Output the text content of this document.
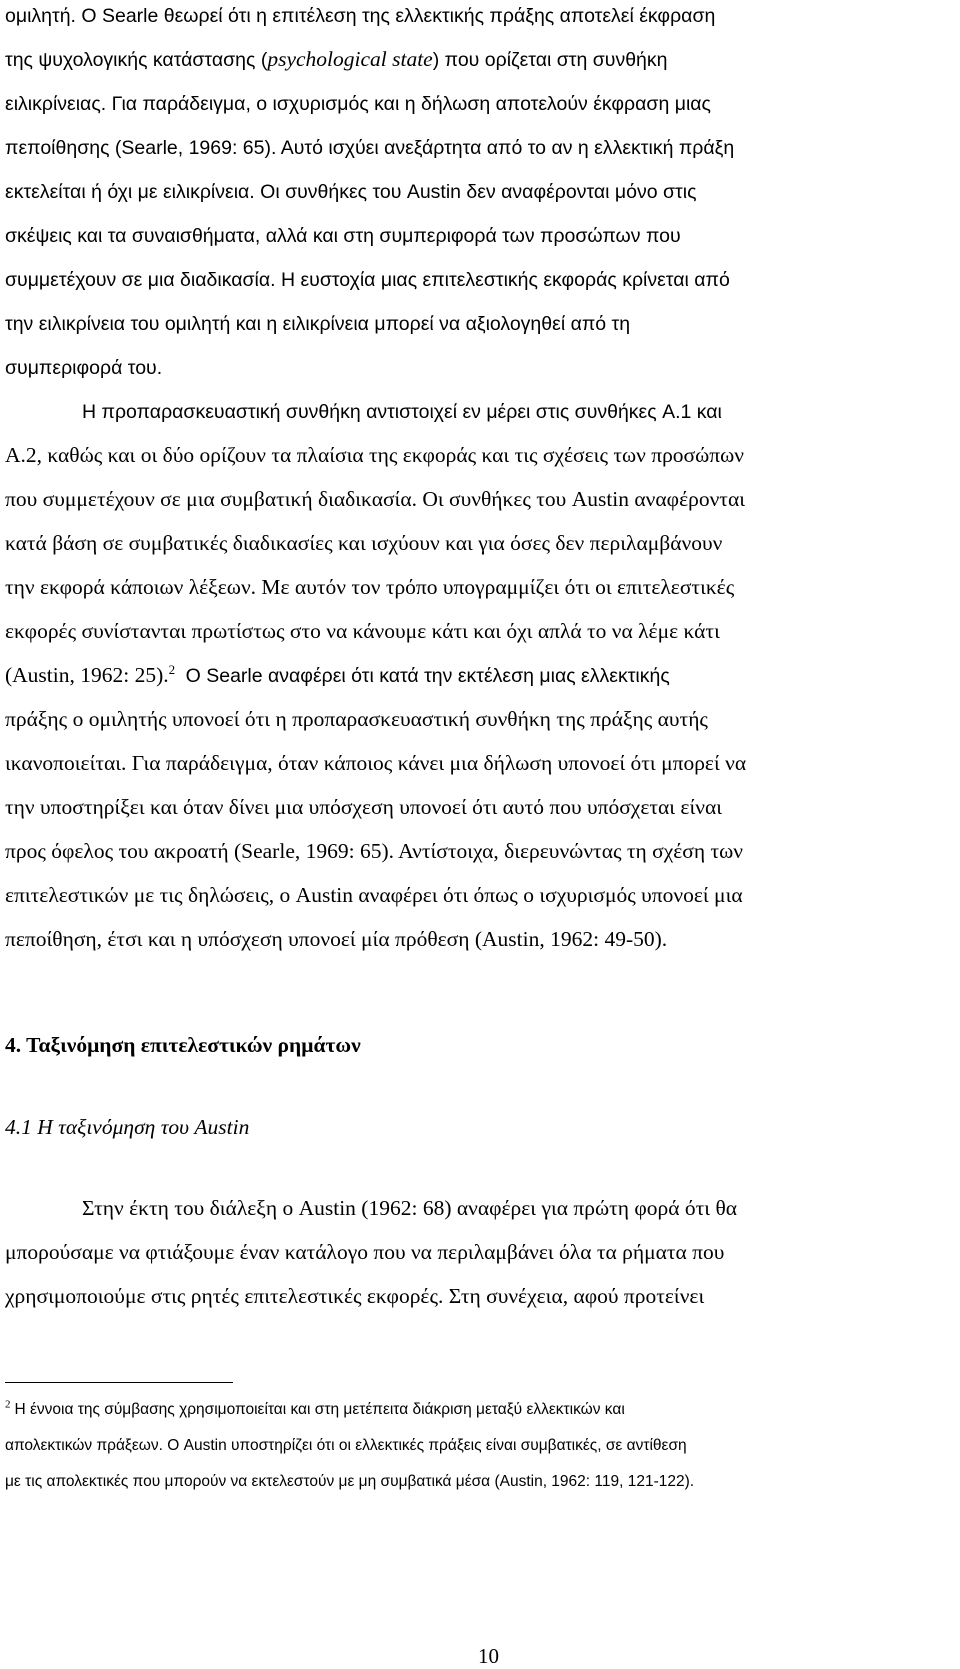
ομιλητή. Ο Searle θεωρεί ότι η επιτέλεση της ελλεκτικής πράξης αποτελεί έκφραση
της ψυχολογικής κατάστασης (psychological state) που ορίζεται στη συνθήκη
ειλικρίνειας. Για παράδειγμα, ο ισχυρισμός και η δήλωση αποτελούν έκφραση μιας
πεποίθησης (Searle, 1969: 65). Αυτό ισχύει ανεξάρτητα από το αν η ελλεκτική πράξη
εκτελείται ή όχι με ειλικρίνεια. Οι συνθήκες του Austin δεν αναφέρονται μόνο στις
σκέψεις και τα συναισθήματα, αλλά και στη συμπεριφορά των προσώπων που
συμμετέχουν σε μια διαδικασία. Η ευστοχία μιας επιτελεστικής εκφοράς κρίνεται από
την ειλικρίνεια του ομιλητή και η ειλικρίνεια μπορεί να αξιολογηθεί από τη
συμπεριφορά του.
Η προπαρασκευαστική συνθήκη αντιστοιχεί εν μέρει στις συνθήκες A.1 και
A.2, καθώς και οι δύο ορίζουν τα πλαίσια της εκφοράς και τις σχέσεις των προσώπων
που συμμετέχουν σε μια συμβατική διαδικασία. Οι συνθήκες του Austin αναφέρονται
κατά βάση σε συμβατικές διαδικασίες και ισχύουν και για όσες δεν περιλαμβάνουν
την εκφορά κάποιων λέξεων. Με αυτόν τον τρόπο υπογραμμίζει ότι οι επιτελεστικές
εκφορές συνίστανται πρωτίστως στο να κάνουμε κάτι και όχι απλά το να λέμε κάτι
(Austin, 1962: 25).$^2$ Ο Searle αναφέρει ότι κατά την εκτέλεση μιας ελλεκτικής
πράξης ο ομιλητής υπονοεί ότι η προπαρασκευαστική συνθήκη της πράξης αυτής
ικανοποιείται. Για παράδειγμα, όταν κάποιος κάνει μια δήλωση υπονοεί ότι μπορεί να
την υποστηρίξει και όταν δίνει μια υπόσχεση υπονοεί ότι αυτό που υπόσχεται είναι
προς όφελος του ακροατή (Searle, 1969: 65). Αντίστοιχα, διερευνώντας τη σχέση των
επιτελεστικών με τις δηλώσεις, ο Austin αναφέρει ότι όπως ο ισχυρισμός υπονοεί μια
πεποίθηση, έτσι και η υπόσχεση υπονοεί μία πρόθεση (Austin, 1962: 49-50).
4. Ταξινόμηση επιτελεστικών ρημάτων
4.1 Η ταξινόμηση του Austin
Στην έκτη του διάλεξη ο Austin (1962: 68) αναφέρει για πρώτη φορά ότι θα
μπορούσαμε να φτιάξουμε έναν κατάλογο που να περιλαμβάνει όλα τα ρήματα που
χρησιμοποιούμε στις ρητές επιτελεστικές εκφορές. Στη συνέχεια, αφού προτείνει
$^2$ Η έννοια της σύμβασης χρησιμοποιείται και στη μετέπειτα διάκριση μεταξύ ελλεκτικών και
απολεκτικών πράξεων. Ο Austin υποστηρίζει ότι οι ελλεκτικές πράξεις είναι συμβατικές, σε αντίθεση
με τις απολεκτικές που μπορούν να εκτελεστούν με μη συμβατικά μέσα (Austin, 1962: 119, 121-122).
10
